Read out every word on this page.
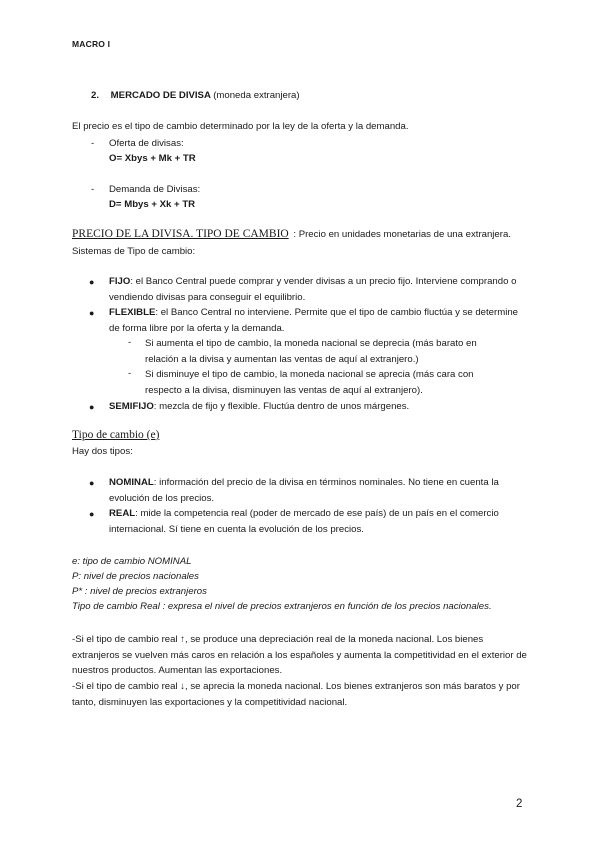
MACRO I
2. MERCADO DE DIVISA (moneda extranjera)
El precio es el tipo de cambio determinado por la ley de la oferta y la demanda.
- Oferta de divisas:
O= Xbys + Mk + TR
- Demanda de Divisas:
D= Mbys + Xk + TR
PRECIO DE LA DIVISA. TIPO DE CAMBIO : Precio en unidades monetarias de una extranjera.
Sistemas de Tipo de cambio:
● FIJO: el Banco Central puede comprar y vender divisas a un precio fijo. Interviene comprando o vendiendo divisas para conseguir el equilibrio.
● FLEXIBLE: el Banco Central no interviene. Permite que el tipo de cambio fluctúa y se determine de forma libre por la oferta y la demanda.
- Si aumenta el tipo de cambio, la moneda nacional se deprecia (más barato en relación a la divisa y aumentan las ventas de aquí al extranjero.)
- Si disminuye el tipo de cambio, la moneda nacional se aprecia (más cara con respecto a la divisa, disminuyen las ventas de aquí al extranjero).
● SEMIFIJO: mezcla de fijo y flexible. Fluctúa dentro de unos márgenes.
Tipo de cambio (e)
Hay dos tipos:
● NOMINAL: información del precio de la divisa en términos nominales. No tiene en cuenta la evolución de los precios.
● REAL: mide la competencia real (poder de mercado de ese país) de un país en el comercio internacional. Sí tiene en cuenta la evolución de los precios.
e: tipo de cambio NOMINAL
P: nivel de precios nacionales
P* : nivel de precios extranjeros
Tipo de cambio Real : expresa el nivel de precios extranjeros en función de los precios nacionales.
-Si el tipo de cambio real ↑, se produce una depreciación real de la moneda nacional. Los bienes extranjeros se vuelven más caros en relación a los españoles y aumenta la competitividad en el exterior de nuestros productos. Aumentan las exportaciones.
-Si el tipo de cambio real ↓, se aprecia la moneda nacional. Los bienes extranjeros son más baratos y por tanto, disminuyen las exportaciones y la competitividad nacional.
2
